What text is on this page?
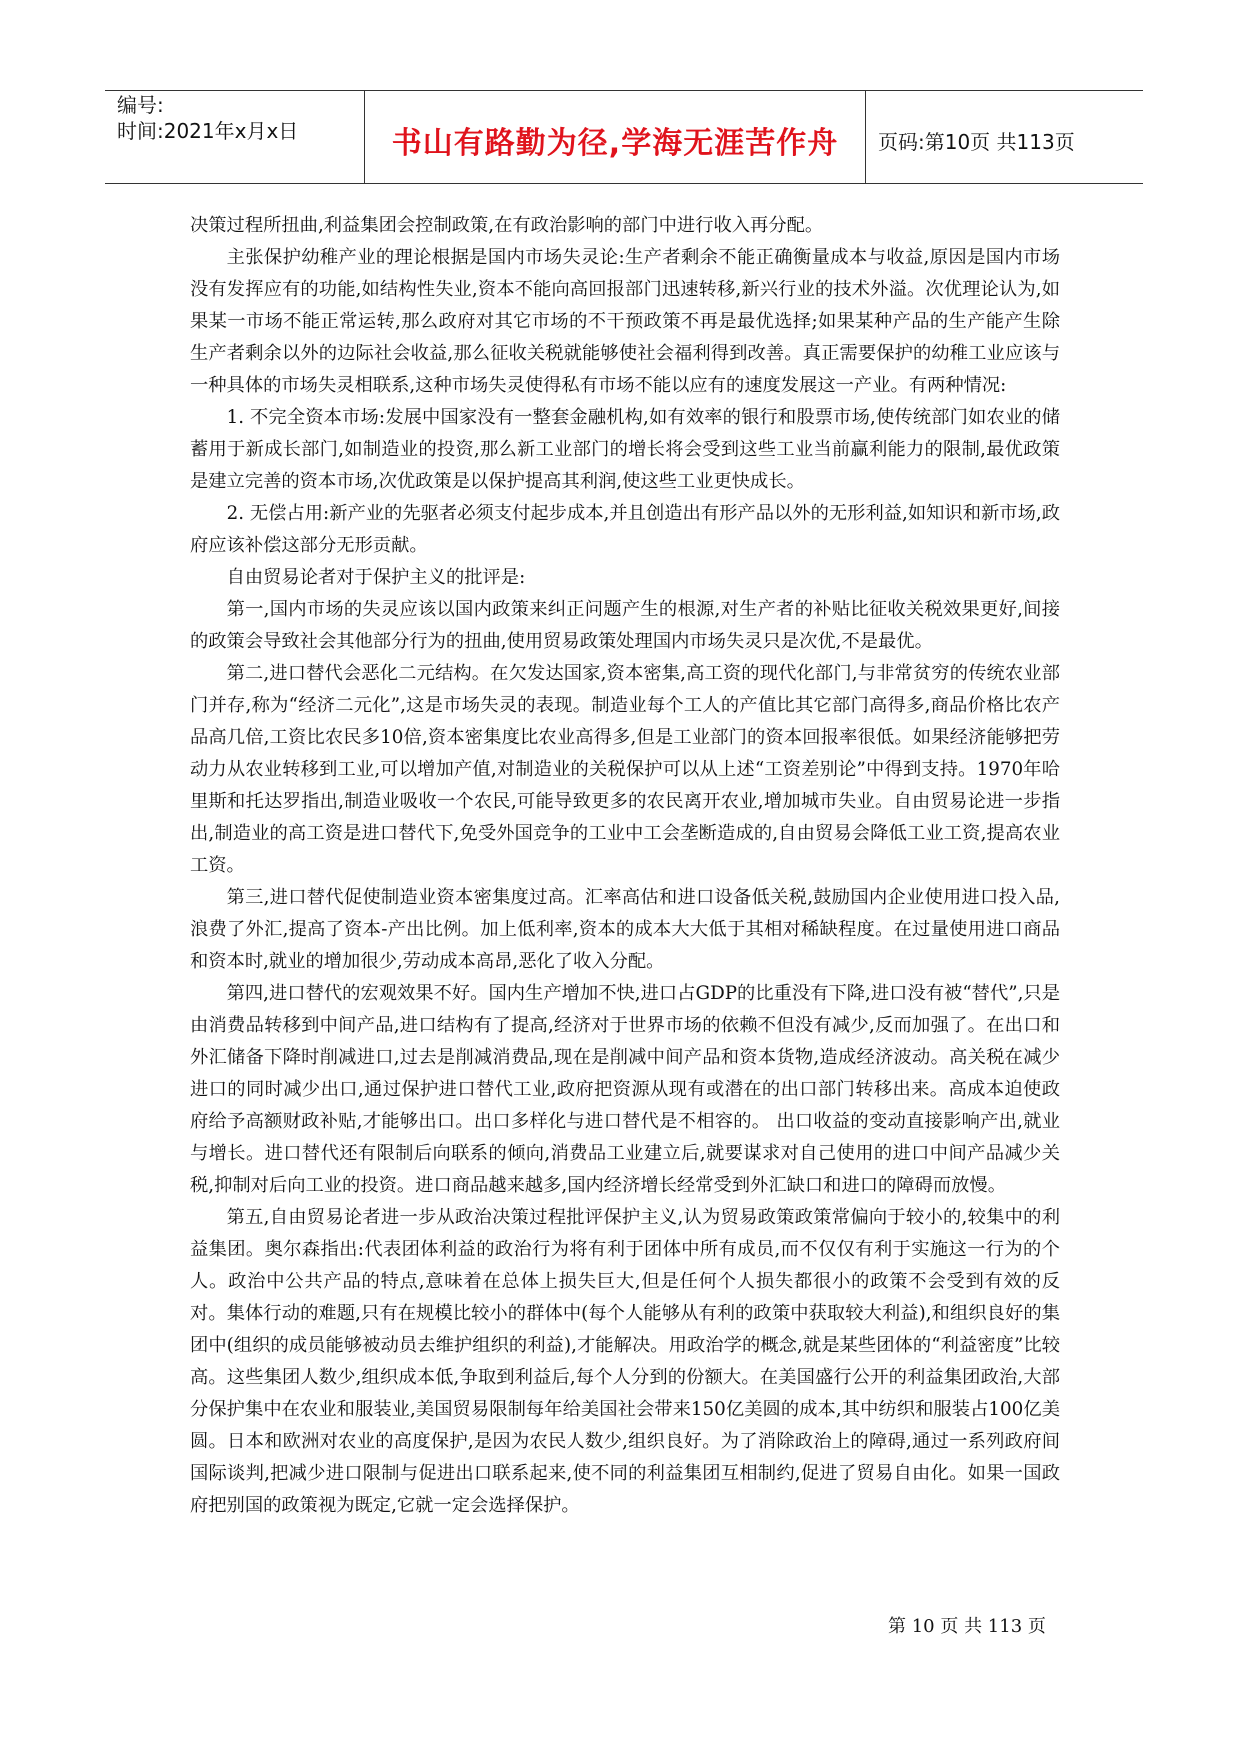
编号:
时间:2021年x月x日	书山有路勤为径,学海无涯苦作舟	页码:第10页 共113页

决策过程所扭曲,利益集团会控制政策,在有政治影响的部门中进行收入再分配。

主张保护幼稚产业的理论根据是国内市场失灵论:生产者剩余不能正确衡量成本与收益,原因是国内市场没有发挥应有的功能,如结构性失业,资本不能向高回报部门迅速转移,新兴行业的技术外溢。次优理论认为,如果某一市场不能正常运转,那么政府对其它市场的不干预政策不再是最优选择;如果某种产品的生产能产生除生产者剩余以外的边际社会收益,那么征收关税就能够使社会福利得到改善。真正需要保护的幼稚工业应该与一种具体的市场失灵相联系,这种市场失灵使得私有市场不能以应有的速度发展这一产业。有两种情况:

1. 不完全资本市场:发展中国家没有一整套金融机构,如有效率的银行和股票市场,使传统部门如农业的储蓄用于新成长部门,如制造业的投资,那么新工业部门的增长将会受到这些工业当前赢利能力的限制,最优政策是建立完善的资本市场,次优政策是以保护提高其利润,使这些工业更快成长。

2. 无偿占用:新产业的先驱者必须支付起步成本,并且创造出有形产品以外的无形利益,如知识和新市场,政府应该补偿这部分无形贡献。

自由贸易论者对于保护主义的批评是:

第一,国内市场的失灵应该以国内政策来纠正问题产生的根源,对生产者的补贴比征收关税效果更好,间接的政策会导致社会其他部分行为的扭曲,使用贸易政策处理国内市场失灵只是次优,不是最优。

第二,进口替代会恶化二元结构。在欠发达国家,资本密集,高工资的现代化部门,与非常贫穷的传统农业部门并存,称为“经济二元化”,这是市场失灵的表现。制造业每个工人的产值比其它部门高得多,商品价格比农产品高几倍,工资比农民多10倍,资本密集度比农业高得多,但是工业部门的资本回报率很低。如果经济能够把劳动力从农业转移到工业,可以增加产值,对制造业的关税保护可以从上述“工资差别论”中得到支持。1970年哈里斯和托达罗指出,制造业吸收一个农民,可能导致更多的农民离开农业,增加城市失业。自由贸易论进一步指出,制造业的高工资是进口替代下,免受外国竞争的工业中工会垄断造成的,自由贸易会降低工业工资,提高农业工资。

第三,进口替代促使制造业资本密集度过高。汇率高估和进口设备低关税,鼓励国内企业使用进口投入品,浪费了外汇,提高了资本-产出比例。加上低利率,资本的成本大大低于其相对稀缺程度。在过量使用进口商品和资本时,就业的增加很少,劳动成本高昂,恶化了收入分配。

第四,进口替代的宏观效果不好。国内生产增加不快,进口占GDP的比重没有下降,进口没有被“替代”,只是由消费品转移到中间产品,进口结构有了提高,经济对于世界市场的依赖不但没有减少,反而加强了。在出口和外汇储备下降时削减进口,过去是削减消费品,现在是削减中间产品和资本货物,造成经济波动。高关税在减少进口的同时减少出口,通过保护进口替代工业,政府把资源从现有或潜在的出口部门转移出来。高成本迫使政府给予高额财政补贴,才能够出口。出口多样化与进口替代是不相容的。 出口收益的变动直接影响产出,就业与增长。进口替代还有限制后向联系的倾向,消费品工业建立后,就要谋求对自己使用的进口中间产品减少关税,抑制对后向工业的投资。进口商品越来越多,国内经济增长经常受到外汇缺口和进口的障碍而放慢。

第五,自由贸易论者进一步从政治决策过程批评保护主义,认为贸易政策政策常偏向于较小的,较集中的利益集团。奥尔森指出:代表团体利益的政治行为将有利于团体中所有成员,而不仅仅有利于实施这一行为的个人。政治中公共产品的特点,意味着在总体上损失巨大,但是任何个人损失都很小的政策不会受到有效的反对。集体行动的难题,只有在规模比较小的群体中(每个人能够从有利的政策中获取较大利益),和组织良好的集团中(组织的成员能够被动员去维护组织的利益),才能解决。用政治学的概念,就是某些团体的“利益密度”比较高。这些集团人数少,组织成本低,争取到利益后,每个人分到的份额大。在美国盛行公开的利益集团政治,大部分保护集中在农业和服装业,美国贸易限制每年给美国社会带来150亿美圆的成本,其中纺织和服装占100亿美圆。日本和欧洲对农业的高度保护,是因为农民人数少,组织良好。为了消除政治上的障碍,通过一系列政府间国际谈判,把减少进口限制与促进出口联系起来,使不同的利益集团互相制约,促进了贸易自由化。如果一国政府把别国的政策视为既定,它就一定会选择保护。

第 10 页 共 113 页
